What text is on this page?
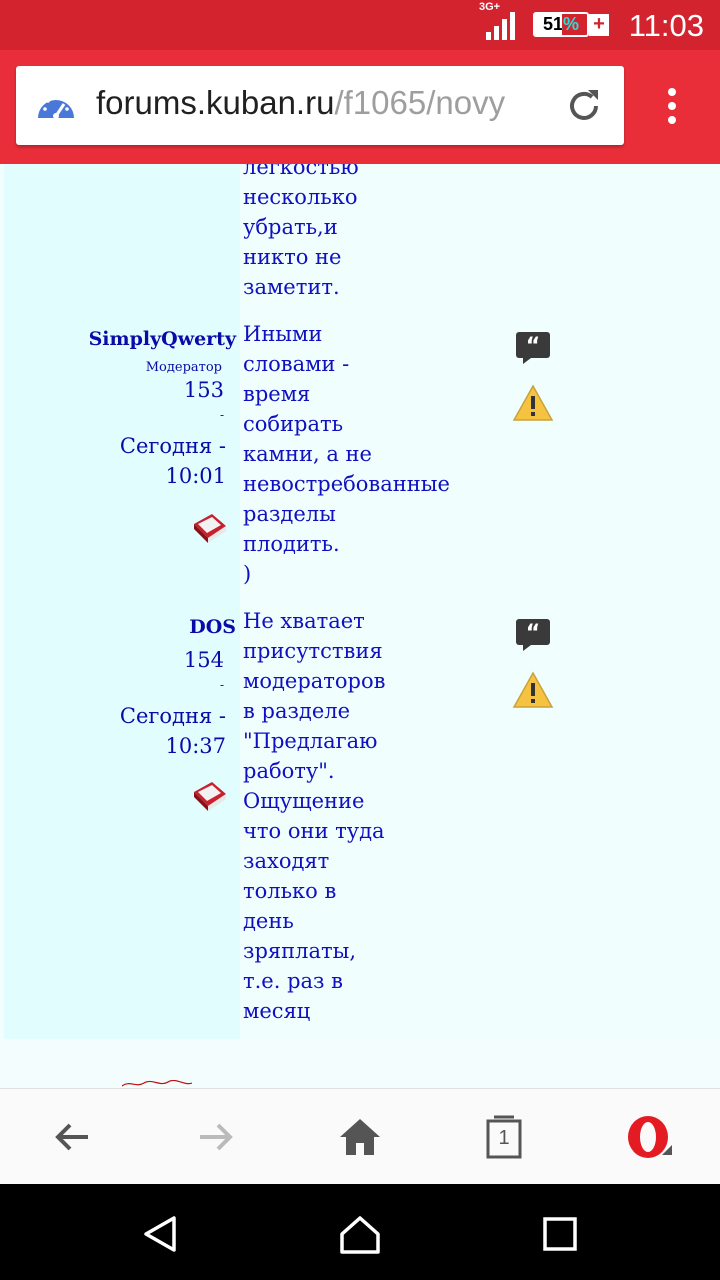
3G+
51% + 11:03
forums.kuban.ru/f1065/novy
легкостью
несколько
убрать,и
никто не
заметит.
SimplyQwerty
Модератор
153
-
Сегодня -
10:01
Иными
словами -
время
собирать
камни, а не
невостребованные
разделы
плодить.
)
“
DOS
154
-
Сегодня -
10:37
Не хватает
присутствия
модераторов
в разделе
"Предлагаю
работу".
Ощущение
что они туда
заходят
только в
день
зряплаты,
т.е. раз в
месяц
“
1
